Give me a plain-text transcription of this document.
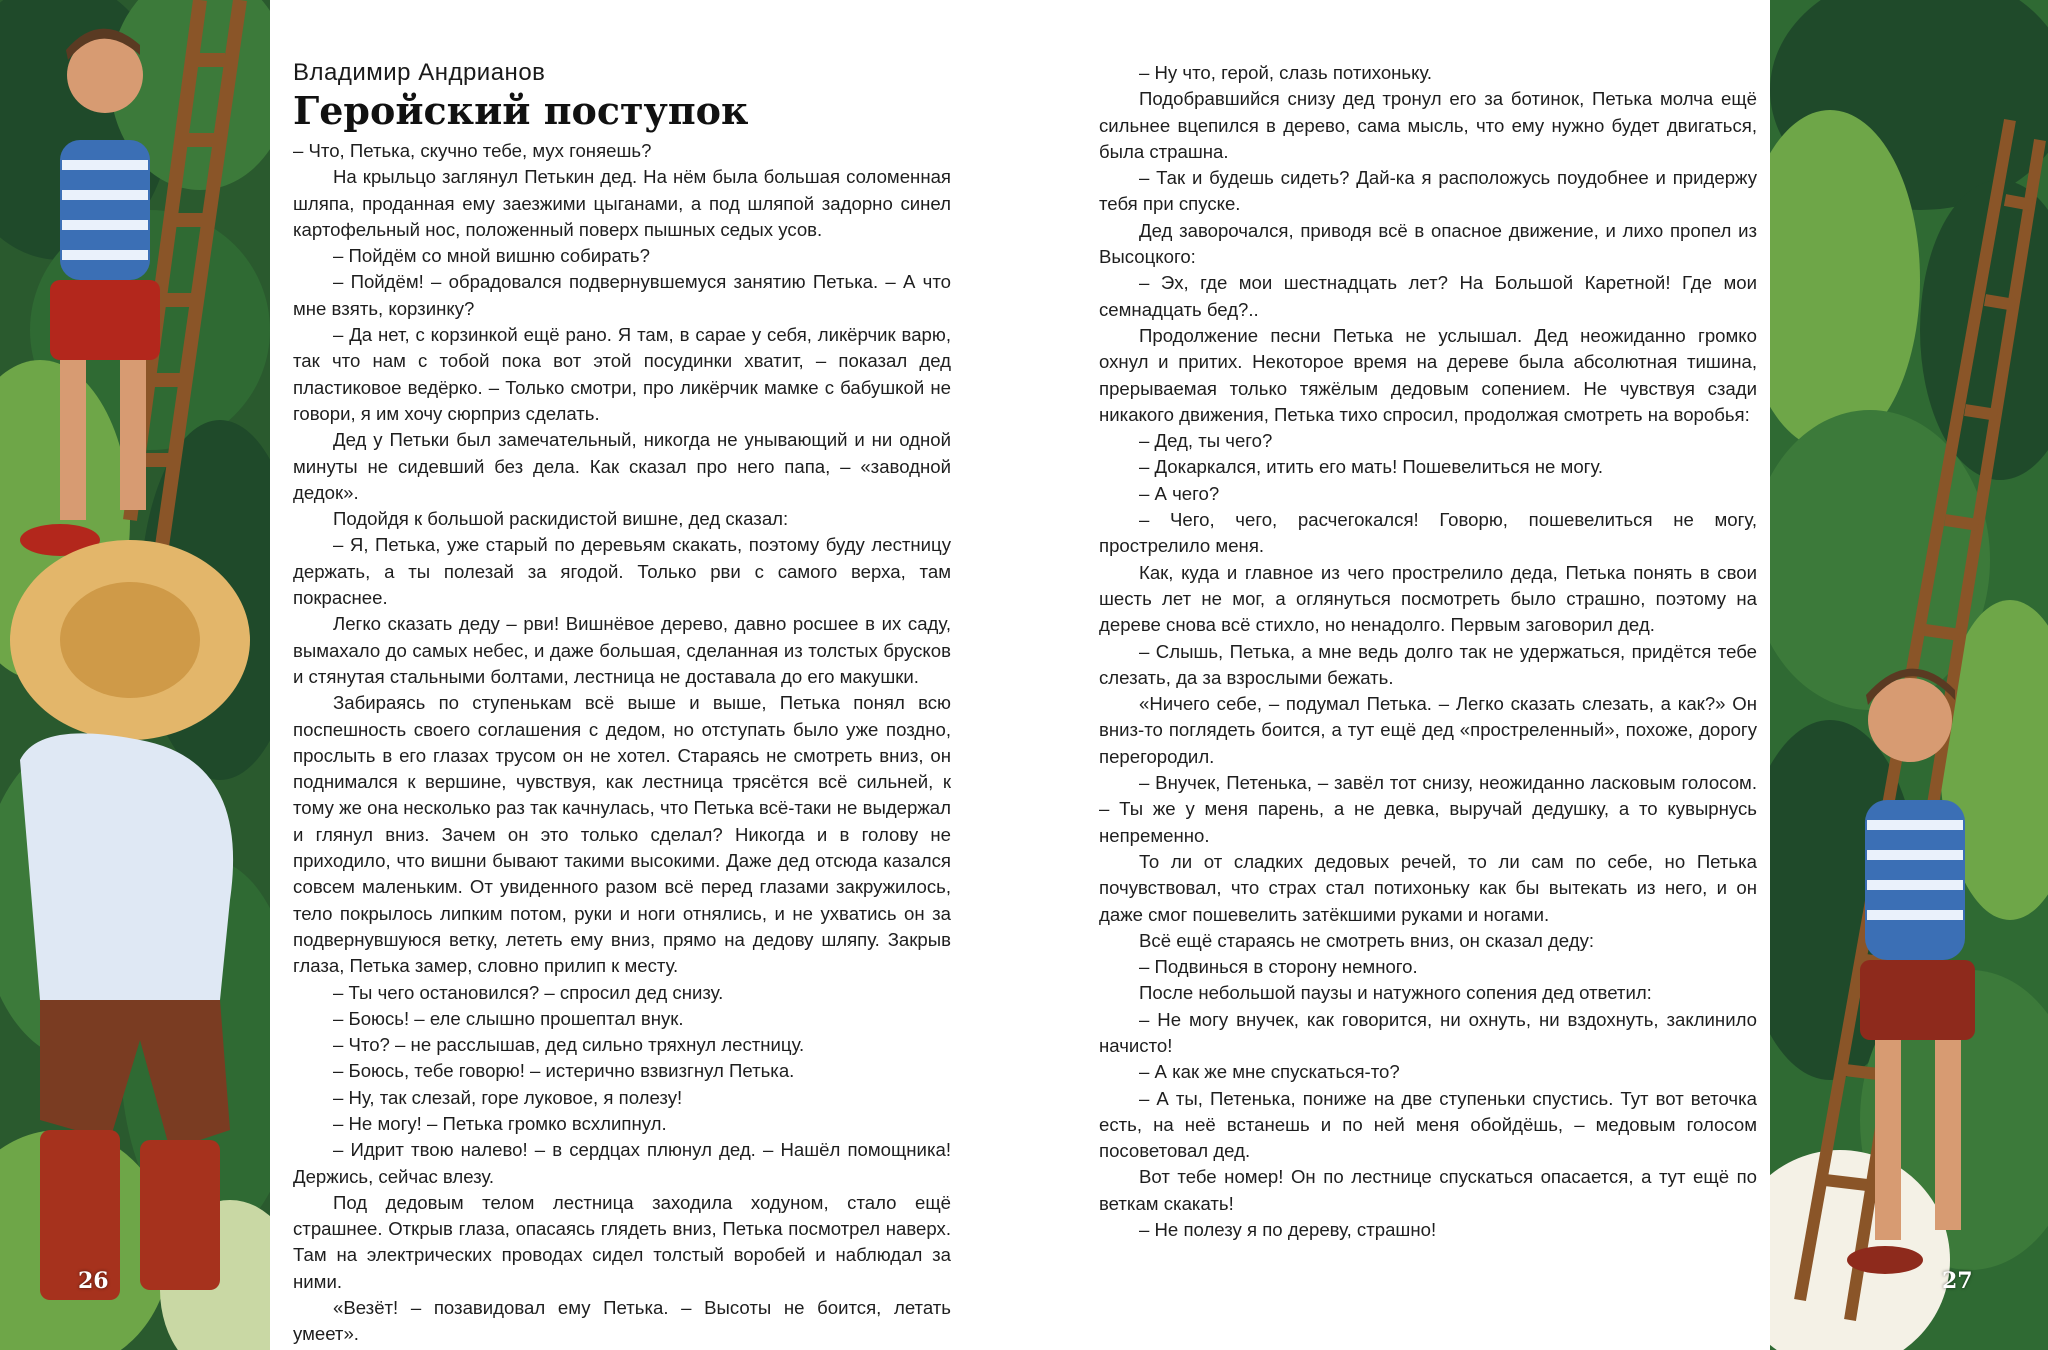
Владимир Андрианов

Геройский поступок

– Что, Петька, скучно тебе, мух гоняешь?

На крыльцо заглянул Петькин дед. На нём была большая соломенная шляпа, проданная ему заезжими цыганами, а под шляпой задорно синел картофельный нос, положенный поверх пышных седых усов.

– Пойдём со мной вишню собирать?

– Пойдём! – обрадовался подвернувшемуся занятию Петька. – А что мне взять, корзинку?

– Да нет, с корзинкой ещё рано. Я там, в сарае у себя, ликёрчик варю, так что нам с тобой пока вот этой посудинки хватит, – показал дед пластиковое ведёрко. – Только смотри, про ликёрчик мамке с бабушкой не говори, я им хочу сюрприз сделать.

Дед у Петьки был замечательный, никогда не унывающий и ни одной минуты не сидевший без дела. Как сказал про него папа, – «заводной дедок».

Подойдя к большой раскидистой вишне, дед сказал:

– Я, Петька, уже старый по деревьям скакать, поэтому буду лестницу держать, а ты полезай за ягодой. Только рви с самого верха, там покраснее.

Легко сказать деду – рви! Вишнёвое дерево, давно росшее в их саду, вымахало до самых небес, и даже большая, сделанная из толстых брусков и стянутая стальными болтами, лестница не доставала до его макушки.

Забираясь по ступенькам всё выше и выше, Петька понял всю поспешность своего соглашения с дедом, но отступать было уже поздно, прослыть в его глазах трусом он не хотел. Стараясь не смотреть вниз, он поднимался к вершине, чувствуя, как лестница трясётся всё сильней, к тому же она несколько раз так качнулась, что Петька всё-таки не выдержал и глянул вниз. Зачем он это только сделал? Никогда и в голову не приходило, что вишни бывают такими высокими. Даже дед отсюда казался совсем маленьким. От увиденного разом всё перед глазами закружилось, тело покрылось липким потом, руки и ноги отнялись, и не ухватись он за подвернувшуюся ветку, лететь ему вниз, прямо на дедову шляпу. Закрыв глаза, Петька замер, словно прилип к месту.

– Ты чего остановился? – спросил дед снизу.

– Боюсь! – еле слышно прошептал внук.

– Что? – не расслышав, дед сильно тряхнул лестницу.

– Боюсь, тебе говорю! – истерично взвизгнул Петька.

– Ну, так слезай, горе луковое, я полезу!

– Не могу! – Петька громко всхлипнул.

– Идрит твою налево! – в сердцах плюнул дед. – Нашёл помощника! Держись, сейчас влезу.

Под дедовым телом лестница заходила ходуном, стало ещё страшнее. Открыв глаза, опасаясь глядеть вниз, Петька посмотрел наверх. Там на электрических проводах сидел толстый воробей и наблюдал за ними.

«Везёт! – позавидовал ему Петька. – Высоты не боится, летать умеет».

– Ну что, герой, слазь потихоньку.

Подобравшийся снизу дед тронул его за ботинок, Петька молча ещё сильнее вцепился в дерево, сама мысль, что ему нужно будет двигаться, была страшна.

– Так и будешь сидеть? Дай-ка я расположусь поудобнее и придержу тебя при спуске.

Дед заворочался, приводя всё в опасное движение, и лихо пропел из Высоцкого:

– Эх, где мои шестнадцать лет? На Большой Каретной! Где мои семнадцать бед?..

Продолжение песни Петька не услышал. Дед неожиданно громко охнул и притих. Некоторое время на дереве была абсолютная тишина, прерываемая только тяжёлым дедовым сопением. Не чувствуя сзади никакого движения, Петька тихо спросил, продолжая смотреть на воробья:

– Дед, ты чего?

– Докаркался, итить его мать! Пошевелиться не могу.

– А чего?

– Чего, чего, расчегокался! Говорю, пошевелиться не могу, прострелило меня.

Как, куда и главное из чего прострелило деда, Петька понять в свои шесть лет не мог, а оглянуться посмотреть было страшно, поэтому на дереве снова всё стихло, но ненадолго. Первым заговорил дед.

– Слышь, Петька, а мне ведь долго так не удержаться, придётся тебе слезать, да за взрослыми бежать.

«Ничего себе, – подумал Петька. – Легко сказать слезать, а как?» Он вниз-то поглядеть боится, а тут ещё дед «простреленный», похоже, дорогу перегородил.

– Внучек, Петенька, – завёл тот снизу, неожиданно ласковым голосом. – Ты же у меня парень, а не девка, выручай дедушку, а то кувырнусь непременно.

То ли от сладких дедовых речей, то ли сам по себе, но Петька почувствовал, что страх стал потихоньку как бы вытекать из него, и он даже смог пошевелить затёкшими руками и ногами.

Всё ещё стараясь не смотреть вниз, он сказал деду:

– Подвинься в сторону немного.

После небольшой паузы и натужного сопения дед ответил:

– Не могу внучек, как говорится, ни охнуть, ни вздохнуть, заклинило начисто!

– А как же мне спускаться-то?

– А ты, Петенька, пониже на две ступеньки спустись. Тут вот веточка есть, на неё встанешь и по ней меня обойдёшь, – медовым голосом посоветовал дед.

Вот тебе номер! Он по лестнице спускаться опасается, а тут ещё по веткам скакать!

– Не полезу я по дереву, страшно!

26	27
